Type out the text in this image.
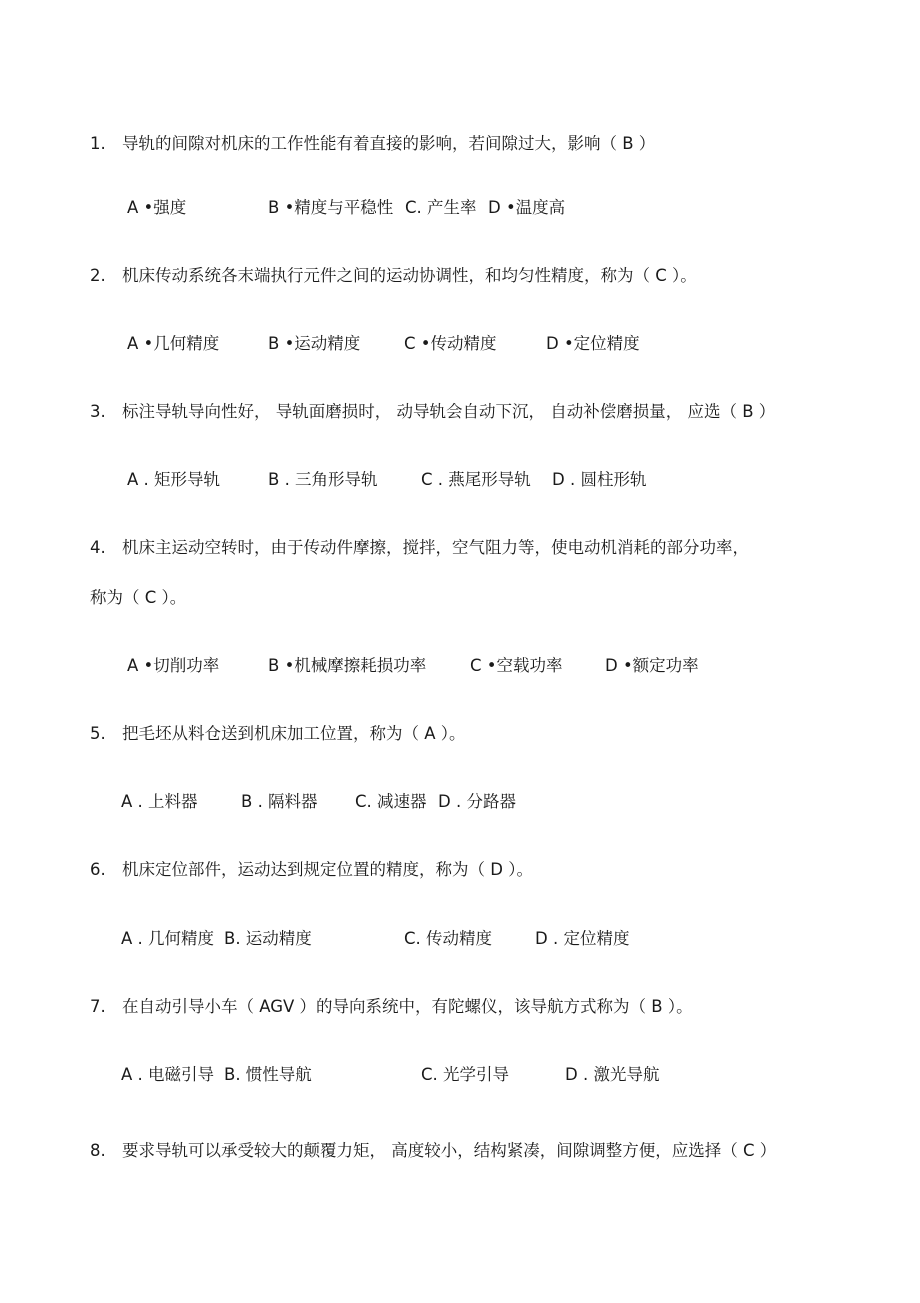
1. 导轨的间隙对机床的工作性能有着直接的影响，若间隙过大，影响（ B ）
A •强度	B •精度与平稳性 C. 产生率 D •温度高
2. 机床传动系统各末端执行元件之间的运动协调性，和均匀性精度，称为（ C ）。
A •几何精度	B •运动精度	C •传动精度	D •定位精度
3. 标注导轨导向性好， 导轨面磨损时， 动导轨会自动下沉， 自动补偿磨损量， 应选（ B ）
A . 矩形导轨	B . 三角形导轨	C . 燕尾形导轨 D . 圆柱形轨
4. 机床主运动空转时，由于传动件摩擦，搅拌，空气阻力等，使电动机消耗的部分功率，
称为（ C ）。
A •切削功率	B •机械摩擦耗损功率	C •空载功率	D •额定功率
5. 把毛坯从料仓送到机床加工位置，称为（ A ）。
A . 上料器	B . 隔料器 C. 减速器 D . 分路器
6. 机床定位部件，运动达到规定位置的精度，称为（ D ）。
A . 几何精度 B. 运动精度	C. 传动精度	D . 定位精度
7. 在自动引导小车（ AGV ）的导向系统中，有陀螺仪，该导航方式称为（ B ）。
A . 电磁引导 B. 惯性导航	C. 光学引导	D . 激光导航
8. 要求导轨可以承受较大的颠覆力矩， 高度较小，结构紧凑，间隙调整方便，应选择（ C ）
